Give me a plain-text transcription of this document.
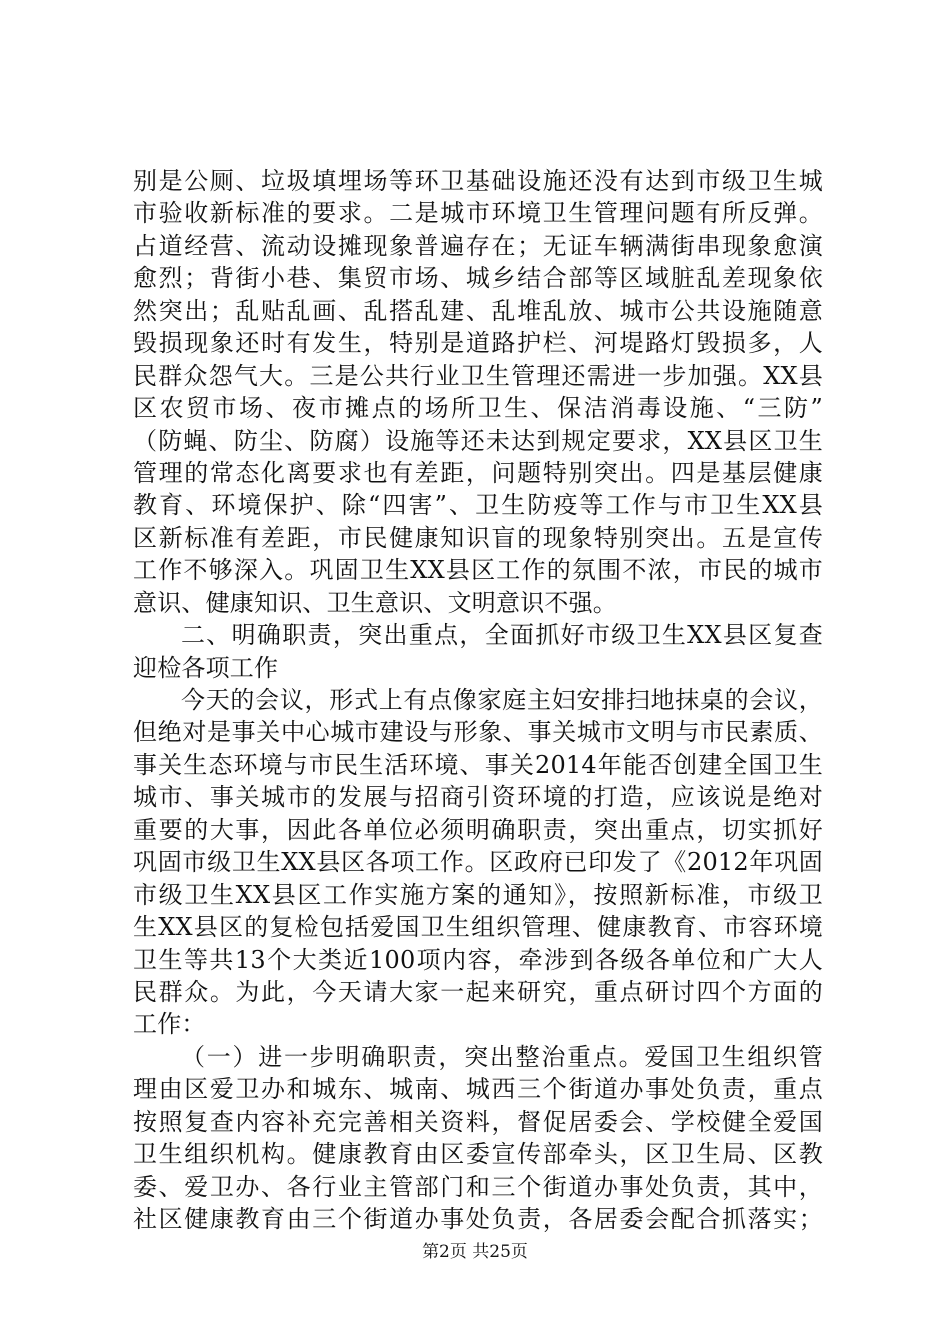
别是公厕、垃圾填埋场等环卫基础设施还没有达到市级卫生城
市验收新标准的要求。二是城市环境卫生管理问题有所反弹。
占道经营、流动设摊现象普遍存在；无证车辆满街串现象愈演
愈烈；背街小巷、集贸市场、城乡结合部等区域脏乱差现象依
然突出；乱贴乱画、乱搭乱建、乱堆乱放、城市公共设施随意
毁损现象还时有发生，特别是道路护栏、河堤路灯毁损多，人
民群众怨气大。三是公共行业卫生管理还需进一步加强。XX县
区农贸市场、夜市摊点的场所卫生、保洁消毒设施、“三防”
（防蝇、防尘、防腐）设施等还未达到规定要求，XX县区卫生
管理的常态化离要求也有差距，问题特别突出。四是基层健康
教育、环境保护、除“四害”、卫生防疫等工作与市卫生XX县
区新标准有差距，市民健康知识盲的现象特别突出。五是宣传
工作不够深入。巩固卫生XX县区工作的氛围不浓，市民的城市
意识、健康知识、卫生意识、文明意识不强。
二、明确职责，突出重点，全面抓好市级卫生XX县区复查
迎检各项工作
今天的会议，形式上有点像家庭主妇安排扫地抹桌的会议，
但绝对是事关中心城市建设与形象、事关城市文明与市民素质、
事关生态环境与市民生活环境、事关2014年能否创建全国卫生
城市、事关城市的发展与招商引资环境的打造，应该说是绝对
重要的大事，因此各单位必须明确职责，突出重点，切实抓好
巩固市级卫生XX县区各项工作。区政府已印发了《2012年巩固
市级卫生XX县区工作实施方案的通知》，按照新标准，市级卫
生XX县区的复检包括爱国卫生组织管理、健康教育、市容环境
卫生等共13个大类近100项内容，牵涉到各级各单位和广大人
民群众。为此，今天请大家一起来研究，重点研讨四个方面的
工作：
（一）进一步明确职责，突出整治重点。爱国卫生组织管
理由区爱卫办和城东、城南、城西三个街道办事处负责，重点
按照复查内容补充完善相关资料，督促居委会、学校健全爱国
卫生组织机构。健康教育由区委宣传部牵头，区卫生局、区教
委、爱卫办、各行业主管部门和三个街道办事处负责，其中，
社区健康教育由三个街道办事处负责，各居委会配合抓落实；
第2页 共25页
